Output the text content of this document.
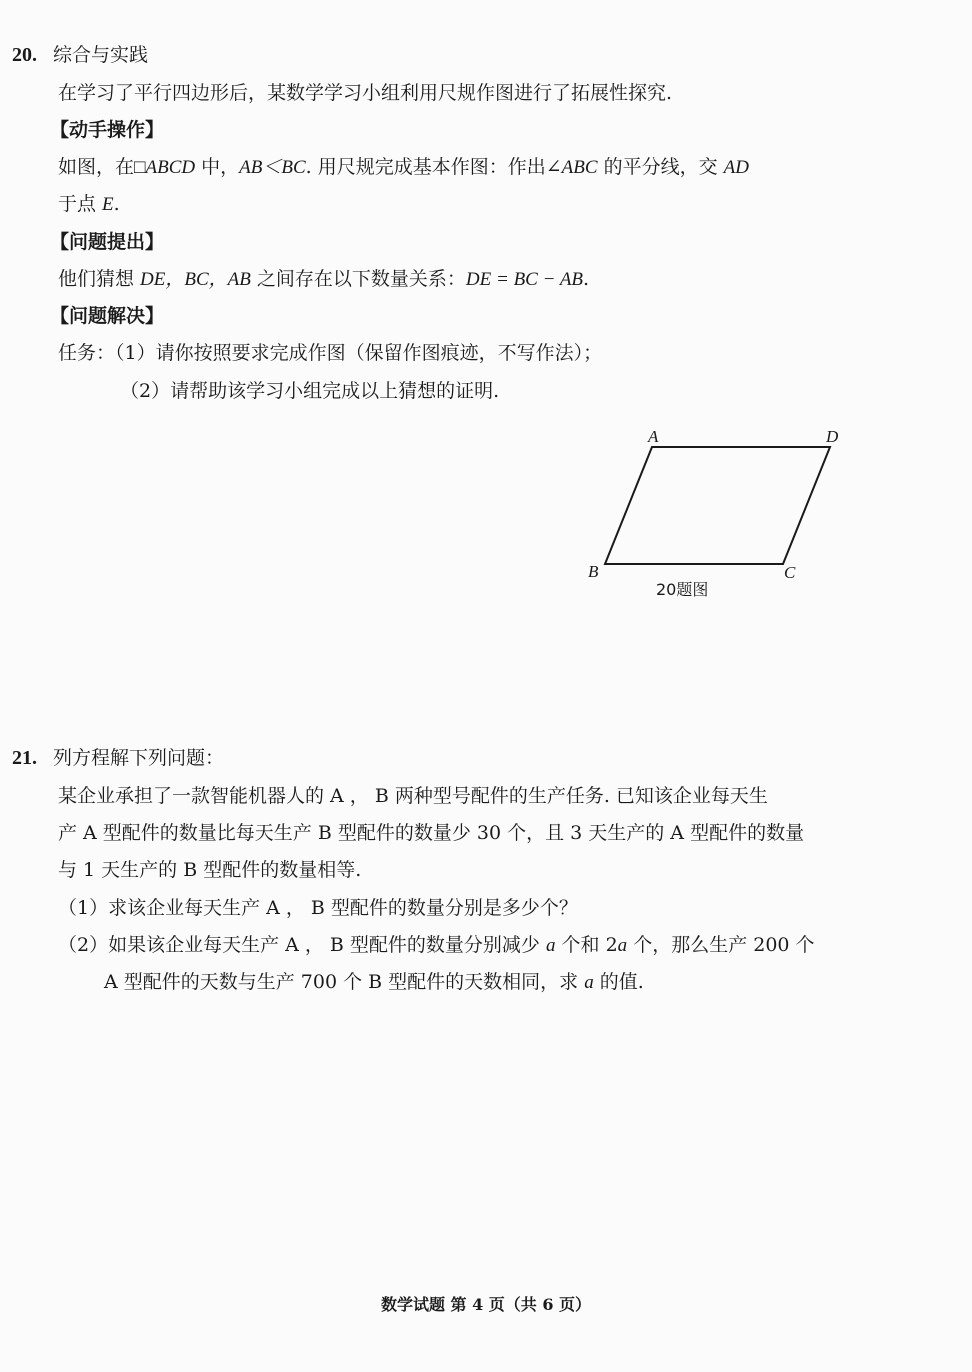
20. 综合与实践
在学习了平行四边形后，某数学学习小组利用尺规作图进行了拓展性探究.
【动手操作】
如图，在□ABCD 中，AB＜BC. 用尺规完成基本作图：作出∠ABC 的平分线，交 AD
于点 E.
【问题提出】
他们猜想 DE，BC，AB 之间存在以下数量关系：DE = BC − AB.
【问题解决】
任务：（1）请你按照要求完成作图（保留作图痕迹，不写作法）；
（2）请帮助该学习小组完成以上猜想的证明.
A	D
B	C
20题图
21. 列方程解下列问题：
某企业承担了一款智能机器人的 A ， B 两种型号配件的生产任务. 已知该企业每天生
产 A 型配件的数量比每天生产 B 型配件的数量少 30 个，且 3 天生产的 A 型配件的数量
与 1 天生产的 B 型配件的数量相等.
（1）求该企业每天生产 A ， B 型配件的数量分别是多少个？
（2）如果该企业每天生产 A ， B 型配件的数量分别减少 a 个和 2a 个，那么生产 200 个
A 型配件的天数与生产 700 个 B 型配件的天数相同，求 a 的值.
数学试题 第 4 页（共 6 页）
